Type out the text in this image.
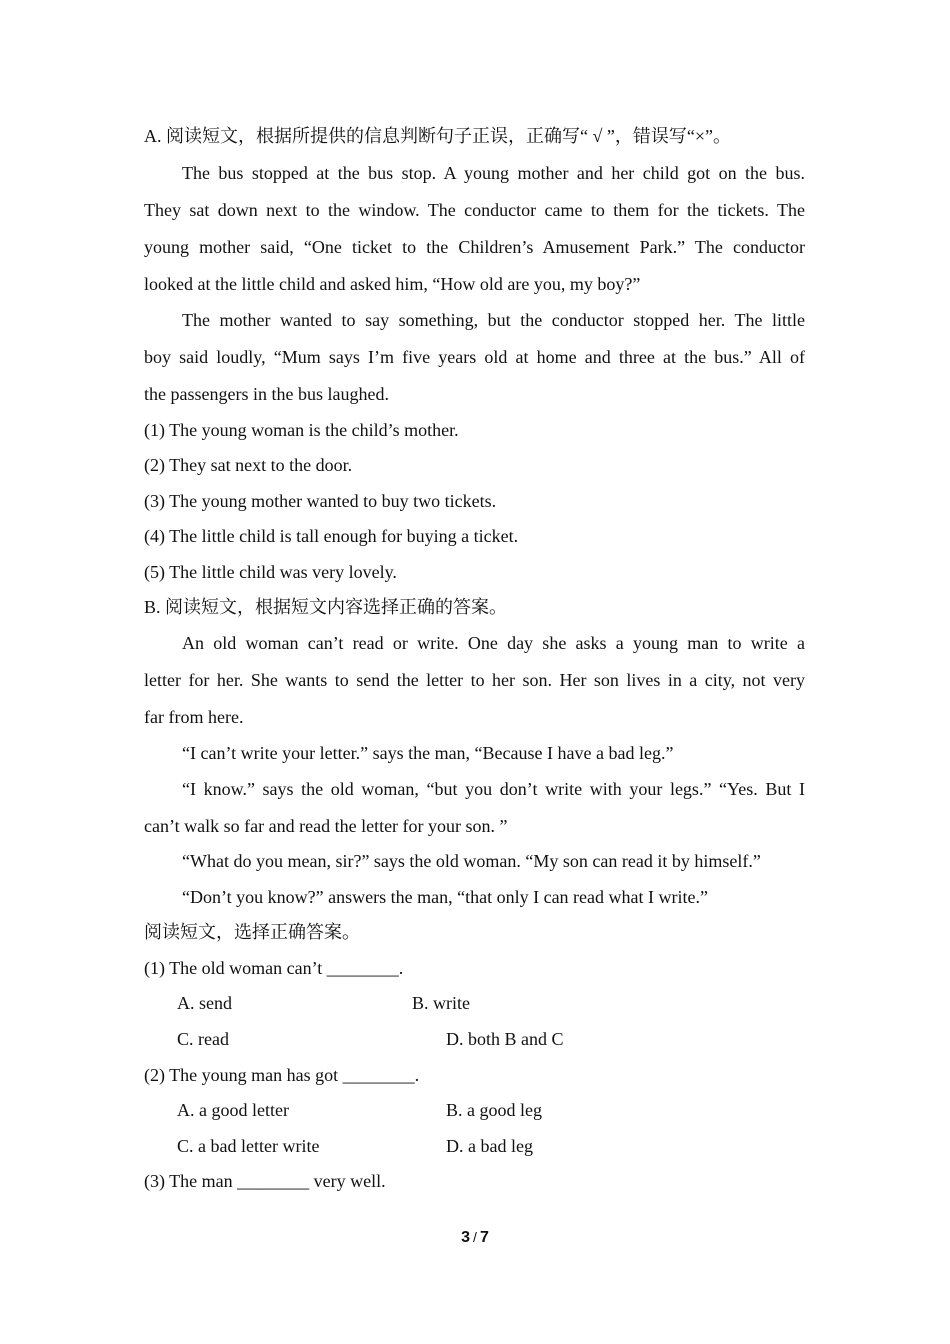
A. 阅读短文，根据所提供的信息判断句子正误，正确写“ √ ”，错误写“×”。
The bus stopped at the bus stop. A young mother and her child got on the bus.
They sat down next to the window. The conductor came to them for the tickets. The
young mother said, “One ticket to the Children’s Amusement Park.” The conductor
looked at the little child and asked him, “How old are you, my boy?”
The mother wanted to say something, but the conductor stopped her. The little
boy said loudly, “Mum says I’m five years old at home and three at the bus.” All of
the passengers in the bus laughed.
(1) The young woman is the child’s mother.
(2) They sat next to the door.
(3) The young mother wanted to buy two tickets.
(4) The little child is tall enough for buying a ticket.
(5) The little child was very lovely.
B. 阅读短文，根据短文内容选择正确的答案。
An old woman can’t read or write. One day she asks a young man to write a
letter for her. She wants to send the letter to her son. Her son lives in a city, not very
far from here.
“I can’t write your letter.” says the man, “Because I have a bad leg.”
“I know.” says the old woman, “but you don’t write with your legs.” “Yes. But I
can’t walk so far and read the letter for your son. ”
“What do you mean, sir?” says the old woman. “My son can read it by himself.”
“Don’t you know?” answers the man, “that only I can read what I write.”
阅读短文，选择正确答案。
(1) The old woman can’t ________.
A. send	B. write
C. read	D. both B and C
(2) The young man has got ________.
A. a good letter	B. a good leg
C. a bad letter write	D. a bad leg
(3) The man ________ very well.
3 / 7
